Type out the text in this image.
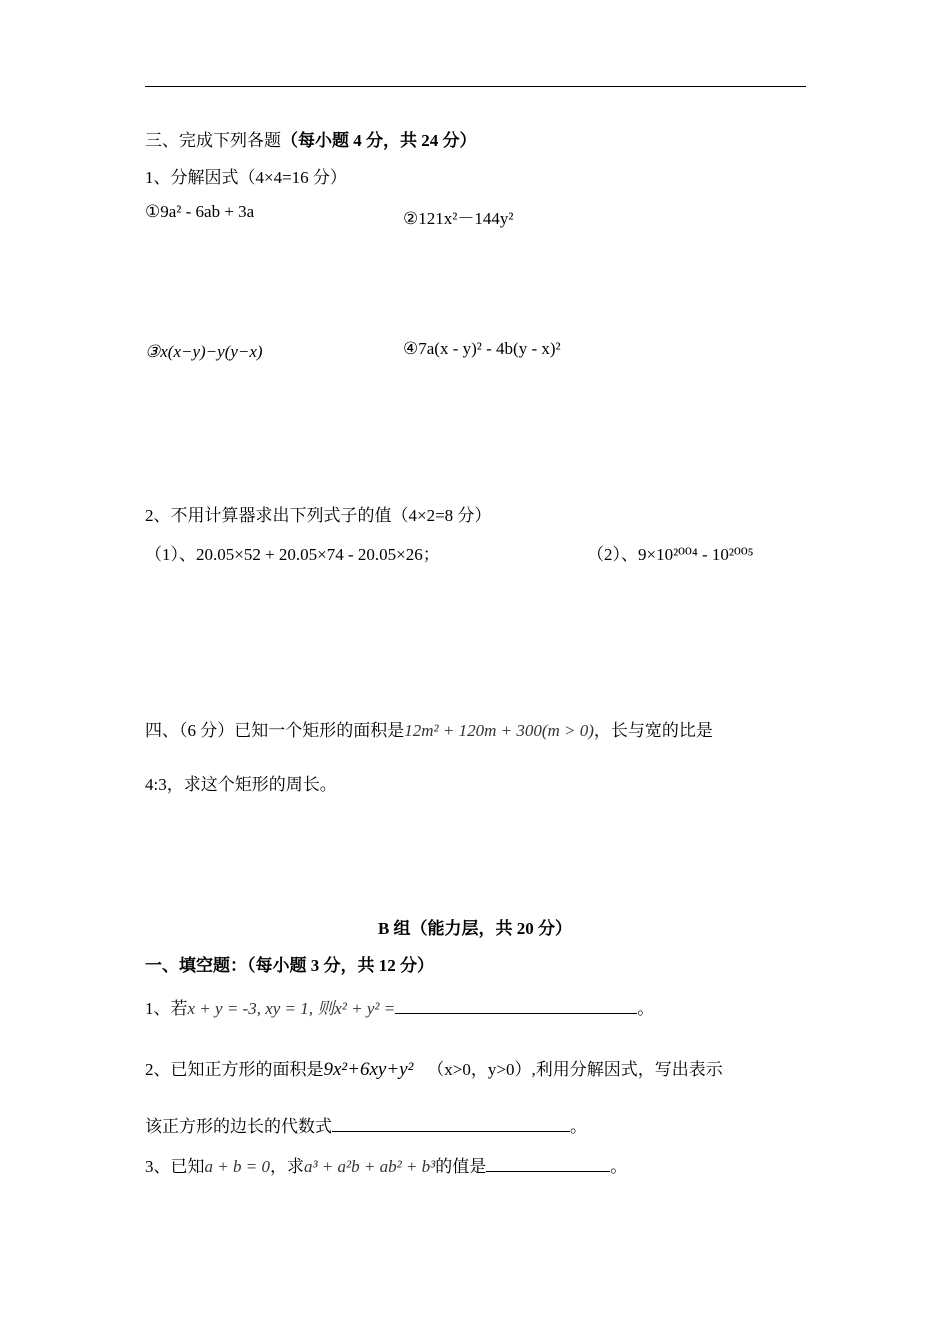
三、完成下列各题（每小题 4 分，共 24 分）
1、分解因式（4×4=16 分）
①9a² - 6ab + 3a	②121x²－144y²
③x(x−y)−y(y−x)	④7a(x - y)² - 4b(y - x)²
2、不用计算器求出下列式子的值（4×2=8 分）
（1）、20.05×52 + 20.05×74 - 20.05×26；	（2）、9×10²⁰⁰⁴ - 10²⁰⁰⁵
四、（6 分）已知一个矩形的面积是12m² + 120m + 300(m > 0)，长与宽的比是
4:3，求这个矩形的周长。
B 组（能力层，共 20 分）
一、填空题：（每小题 3 分，共 12 分）
1、若x + y = -3, xy = 1, 则x² + y² =	。
2、已知正方形的面积是9x²+6xy+y² （x>0，y>0）,利用分解因式，写出表示
该正方形的边长的代数式	。
3、已知a + b = 0，求a³ + a²b + ab² + b³的值是	。
